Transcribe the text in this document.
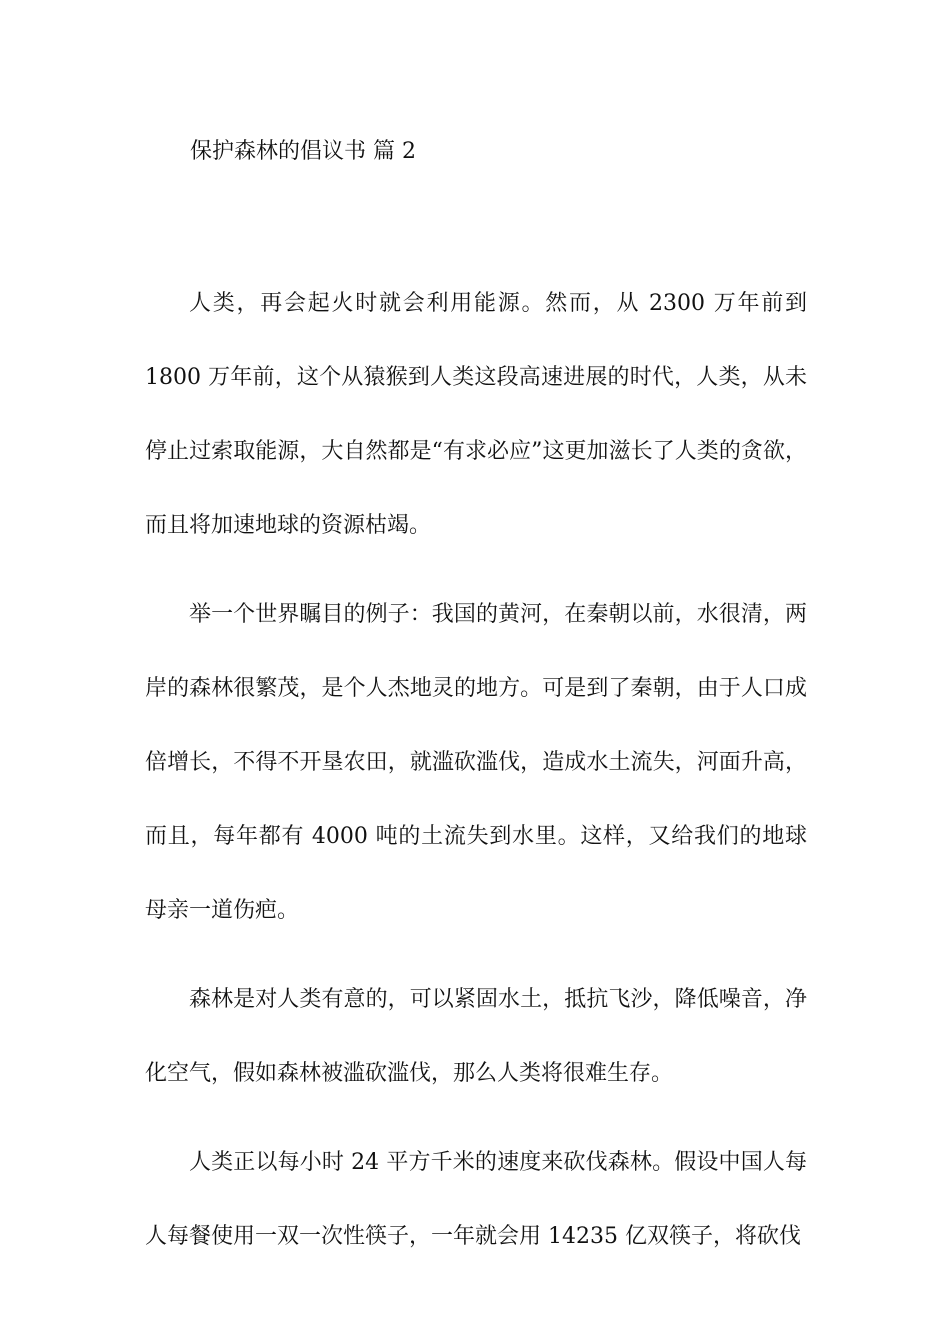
保护森林的倡议书 篇 2

人类，再会起火时就会利用能源。然而，从 2300 万年前到 1800 万年前，这个从猿猴到人类这段高速进展的时代，人类，从未停止过索取能源，大自然都是“有求必应”这更加滋长了人类的贪欲，而且将加速地球的资源枯竭。

举一个世界瞩目的例子：我国的黄河，在秦朝以前，水很清，两岸的森林很繁茂，是个人杰地灵的地方。可是到了秦朝，由于人口成倍增长，不得不开垦农田，就滥砍滥伐，造成水土流失，河面升高，而且，每年都有 4000 吨的土流失到水里。这样，又给我们的地球母亲一道伤疤。

森林是对人类有意的，可以紧固水土，抵抗飞沙，降低噪音，净化空气，假如森林被滥砍滥伐，那么人类将很难生存。

人类正以每小时 24 平方千米的速度来砍伐森林。假设中国人每人每餐使用一双一次性筷子，一年就会用 14235 亿双筷子，将砍伐
